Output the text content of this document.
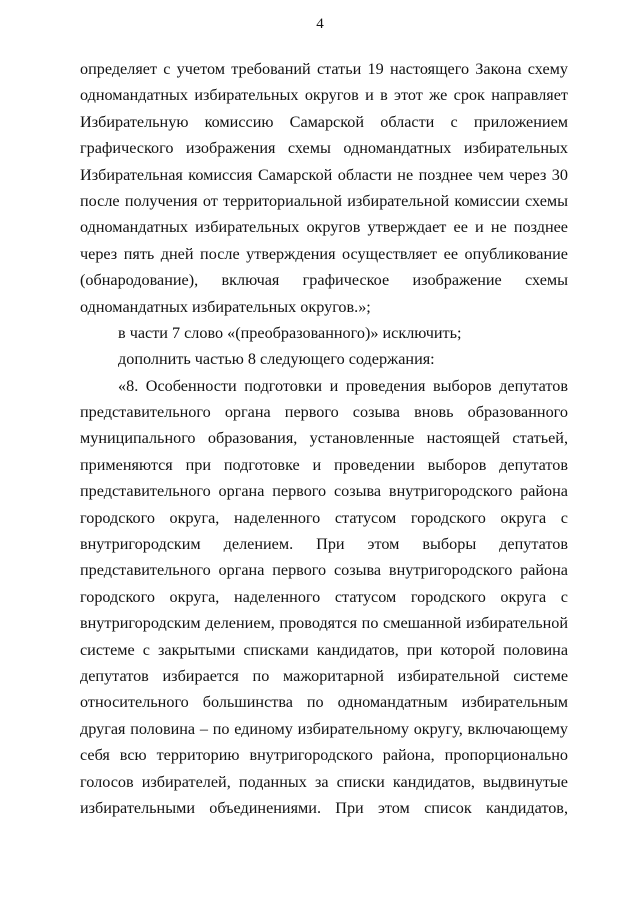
4
определяет с учетом требований статьи 19 настоящего Закона схему
одномандатных избирательных округов и в этот же срок направляет
Избирательную комиссию Самарской области с приложением
графического изображения схемы одномандатных избирательных
Избирательная комиссия Самарской области не позднее чем через 30
после получения от территориальной избирательной комиссии схемы
одномандатных избирательных округов утверждает ее и не позднее
через пять дней после утверждения осуществляет ее опубликование
(обнародование), включая графическое изображение схемы
одномандатных избирательных округов.»;
в части 7 слово «(преобразованного)» исключить;
дополнить частью 8 следующего содержания:
«8. Особенности подготовки и проведения выборов депутатов
представительного органа первого созыва вновь образованного
муниципального образования, установленные настоящей статьей,
применяются при подготовке и проведении выборов депутатов
представительного органа первого созыва внутригородского района
городского округа, наделенного статусом городского округа с
внутригородским делением. При этом выборы депутатов
представительного органа первого созыва внутригородского района
городского округа, наделенного статусом городского округа с
внутригородским делением, проводятся по смешанной избирательной
системе с закрытыми списками кандидатов, при которой половина
депутатов избирается по мажоритарной избирательной системе
относительного большинства по одномандатным избирательным
другая половина – по единому избирательному округу, включающему
себя всю территорию внутригородского района, пропорционально
голосов избирателей, поданных за списки кандидатов, выдвинутые
избирательными объединениями. При этом список кандидатов,
